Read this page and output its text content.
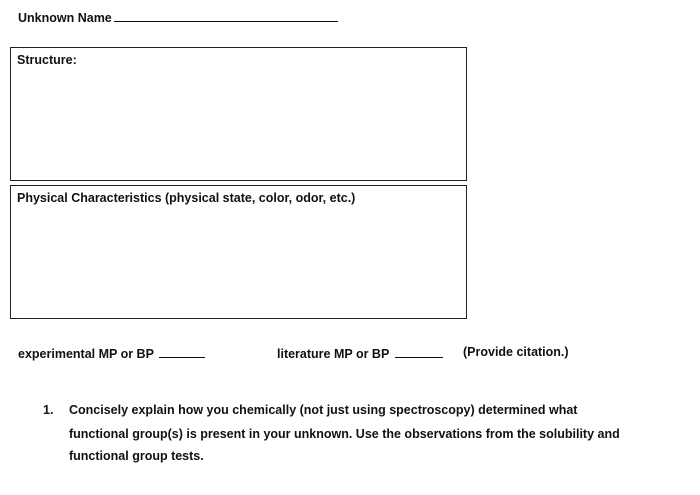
Unknown Name
Structure:
Physical Characteristics (physical state, color, odor, etc.)
experimental MP or BP	literature MP or BP	(Provide citation.)
1. Concisely explain how you chemically (not just using spectroscopy) determined what
functional group(s) is present in your unknown. Use the observations from the solubility and
functional group tests.
